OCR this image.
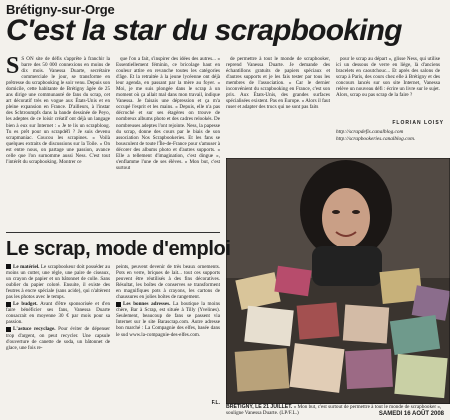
Brétigny-sur-Orge
C'est la star du scrapbooking

S S ON site de défis s'apprête à franchir la barre des 50 000 connexions en moins de dix mois. Vanessa Duarte, secrétaire commerciale le jour, se transforme en prêtresse du scrapbooking le soir venu. Depuis son domicile, cette habitante de Brétigny âgée de 25 ans dirige une communauté de fans du scrap, cet art décoratif très en vogue aux États-Unis et en pleine expansion en France. D'ailleurs, à l'instar des Schtroumpfs dans la bande dessinée de Peyo, les adeptes de ce loisir créatif ont déjà un langage bien à eux sur Internet : « Je te lis un scrapbloog. Tu es prêt pour un scrapdéfi ? Je suis devenu scrapmaniac. Coucou les scrapines. » Voilà quelques extraits de discussions sur la Toile. « On est entre nous, on partage une passion, avance celle que l'on surnomme aussi Ness. C'est tout l'intérêt du scrapbooking. Montrer ce

que l'on a fait, s'inspirer des idées des autres... » Essentiellement féminin, ce bricolage haut en couleur attire en revanche toutes les catégories d'âge. Et la retraitée à la jeune lycéenne ont déjà leur agenda, en passant par la mère au foyer. « Moi, je me suis plongée dans le scrap à un moment où ça allait mal dans mon travail, indique Vanessa. Je faisais une dépression et ça m'a occupé l'esprit et les mains. » Depuis, elle n'a pas décroché et sur ses étagères on trouve de nombreux albums photo et des cadres relookés. De nombreuses adeptes l'ont rejointe. Ness, la papesse du scrap, donne des cours par le biais de son association Nos Scrapbookeries. Et les fans se bousculent de toute l'Île-de-France pour s'amuser à décorer des albums photo et d'autres supports. « Elle a tellement d'imagination, c'est dingue », s'enflamme l'une de ses élèves. « Mon but, c'est surtout

de permettre à tout le monde de scrapbooker, reprend Vanessa Duarte. Je demande des échantillons gratuits de papiers spéciaux et d'autres supports et je les fais tester par tous les membres de l'association. » Car le dernier inconvénient du scrapbooking en France, c'est son prix. Aux États-Unis, des grandes surfaces spécialisées existent. Pas en Europe. « Alors il faut ruser et adapter des trucs qui ne sont pas faits

pour le scrap au départ », glisse Ness, qui utilise ici un dessous de verre en liège, là d'anciens bracelets en caoutchouc... Et après des salons de scrap à Paris, des cours chez elle à Brétigny et des concours lancés sur son site Internet, Vanessa relève un nouveau défi : écrire un livre sur le sujet. Alors, scrap ou pas scrap de la faire ?

FLORIAN LOISY
http://scrapdefis.canalblog.com
http://scrapbookeries.canalblog.com.
Le scrap, mode d'emploi

Le matériel. Le scrapbookeur doit posséder au moins un cutter, une règle, une paire de ciseaux, un crayon de papier et un bâtonnet de colle. Sans oublier du papier coloré. Ensuite, il existe des feutres à encre spéciale (sans acide), qui n'altèrent pas les photos avec le temps.

Le budget. Avant d'être sponsorisée et d'en faire bénéficier ses fans, Vanessa Duarte consacrait en moyenne 30 € par mois pour sa passion.

L'astuce recyclage. Pour éviter de dépenser trop d'argent, on peut recycler. Une capsule d'ouverture de canette de soda, un bâtonnet de glace, une fois re-

peints, peuvent devenir de très beaux ornements. Pots en verre, briques de lait... tout ces supports peuvent être réutilisés à des fins décoratives. Résultat, les boîtes de conserves se transforment en magnifiques pots à crayons, les cartons de chaussures en jolies boîtes de rangement.

Les bonnes adresses. La boutique la moins chère, Bar à Scrap, est située à Tilly (Yvelines). Seulement, beaucoup de fans se passent via Internet sur le site Barascrap.com. Autre adresse bon marché : La Compagnie des elfes, basée dans le sud www.la-compagnie-des-elfes.com.

F.L.
BRÉTIGNY, LE 21 JUILLET. « Mon but, c'est surtout de permettre à tout le monde de scrapbooker », souligne Vanessa Duarte. (LP/F.L.)	SAMEDI 16 AOÛT 2008
